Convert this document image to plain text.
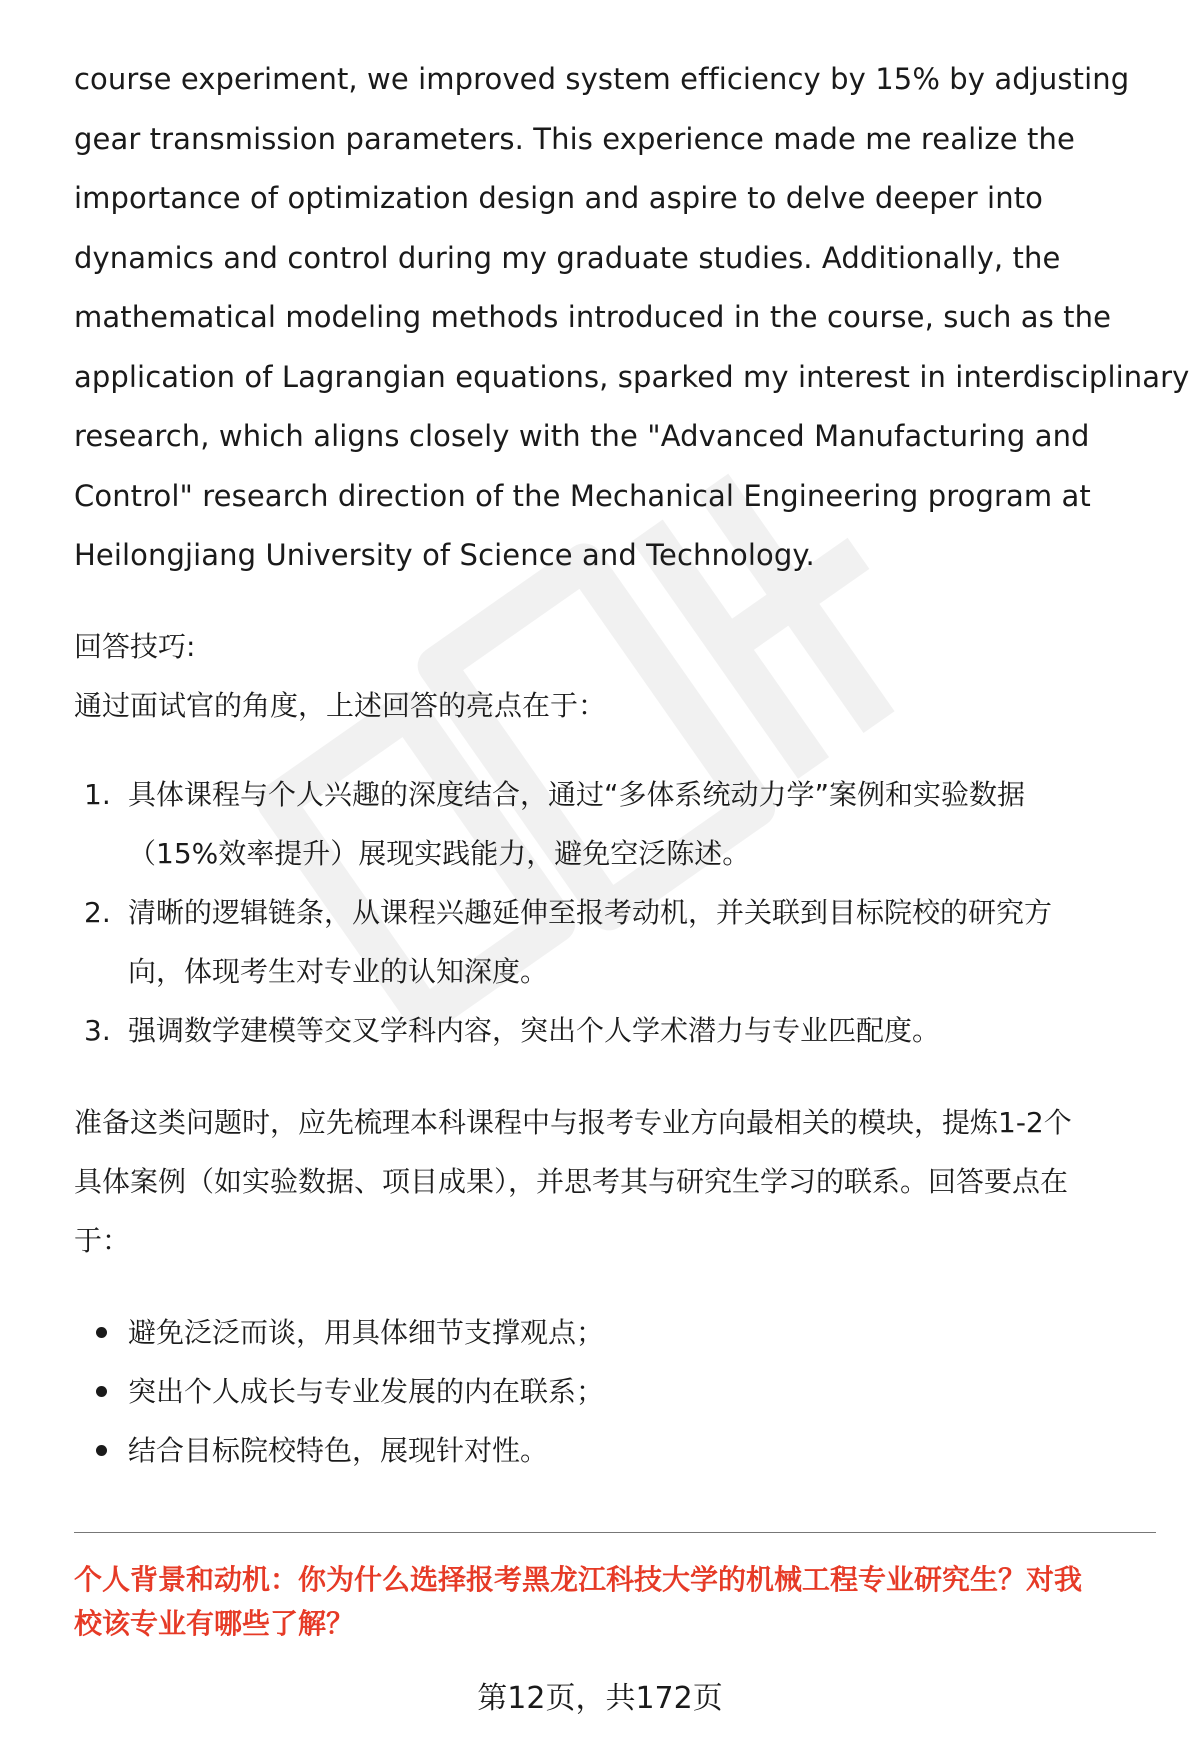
course experiment, we improved system efficiency by 15% by adjusting

gear transmission parameters. This experience made me realize the

importance of optimization design and aspire to delve deeper into

dynamics and control during my graduate studies. Additionally, the

mathematical modeling methods introduced in the course, such as the

application of Lagrangian equations, sparked my interest in interdisciplinary

research, which aligns closely with the "Advanced Manufacturing and

Control" research direction of the Mechanical Engineering program at

Heilongjiang University of Science and Technology.

回答技巧:

通过面试官的角度，上述回答的亮点在于：

1. 具体课程与个人兴趣的深度结合，通过“多体系统动力学”案例和实验数据
（15%效率提升）展现实践能力，避免空泛陈述。
2. 清晰的逻辑链条，从课程兴趣延伸至报考动机，并关联到目标院校的研究方
向，体现考生对专业的认知深度。
3. 强调数学建模等交叉学科内容，突出个人学术潜力与专业匹配度。

准备这类问题时，应先梳理本科课程中与报考专业方向最相关的模块，提炼1-2个
具体案例（如实验数据、项目成果），并思考其与研究生学习的联系。回答要点在
于：

避免泛泛而谈，用具体细节支撑观点；
突出个人成长与专业发展的内在联系；
结合目标院校特色，展现针对性。

个人背景和动机：你为什么选择报考黑龙江科技大学的机械工程专业研究生？对我
校该专业有哪些了解？

第12页，共172页
